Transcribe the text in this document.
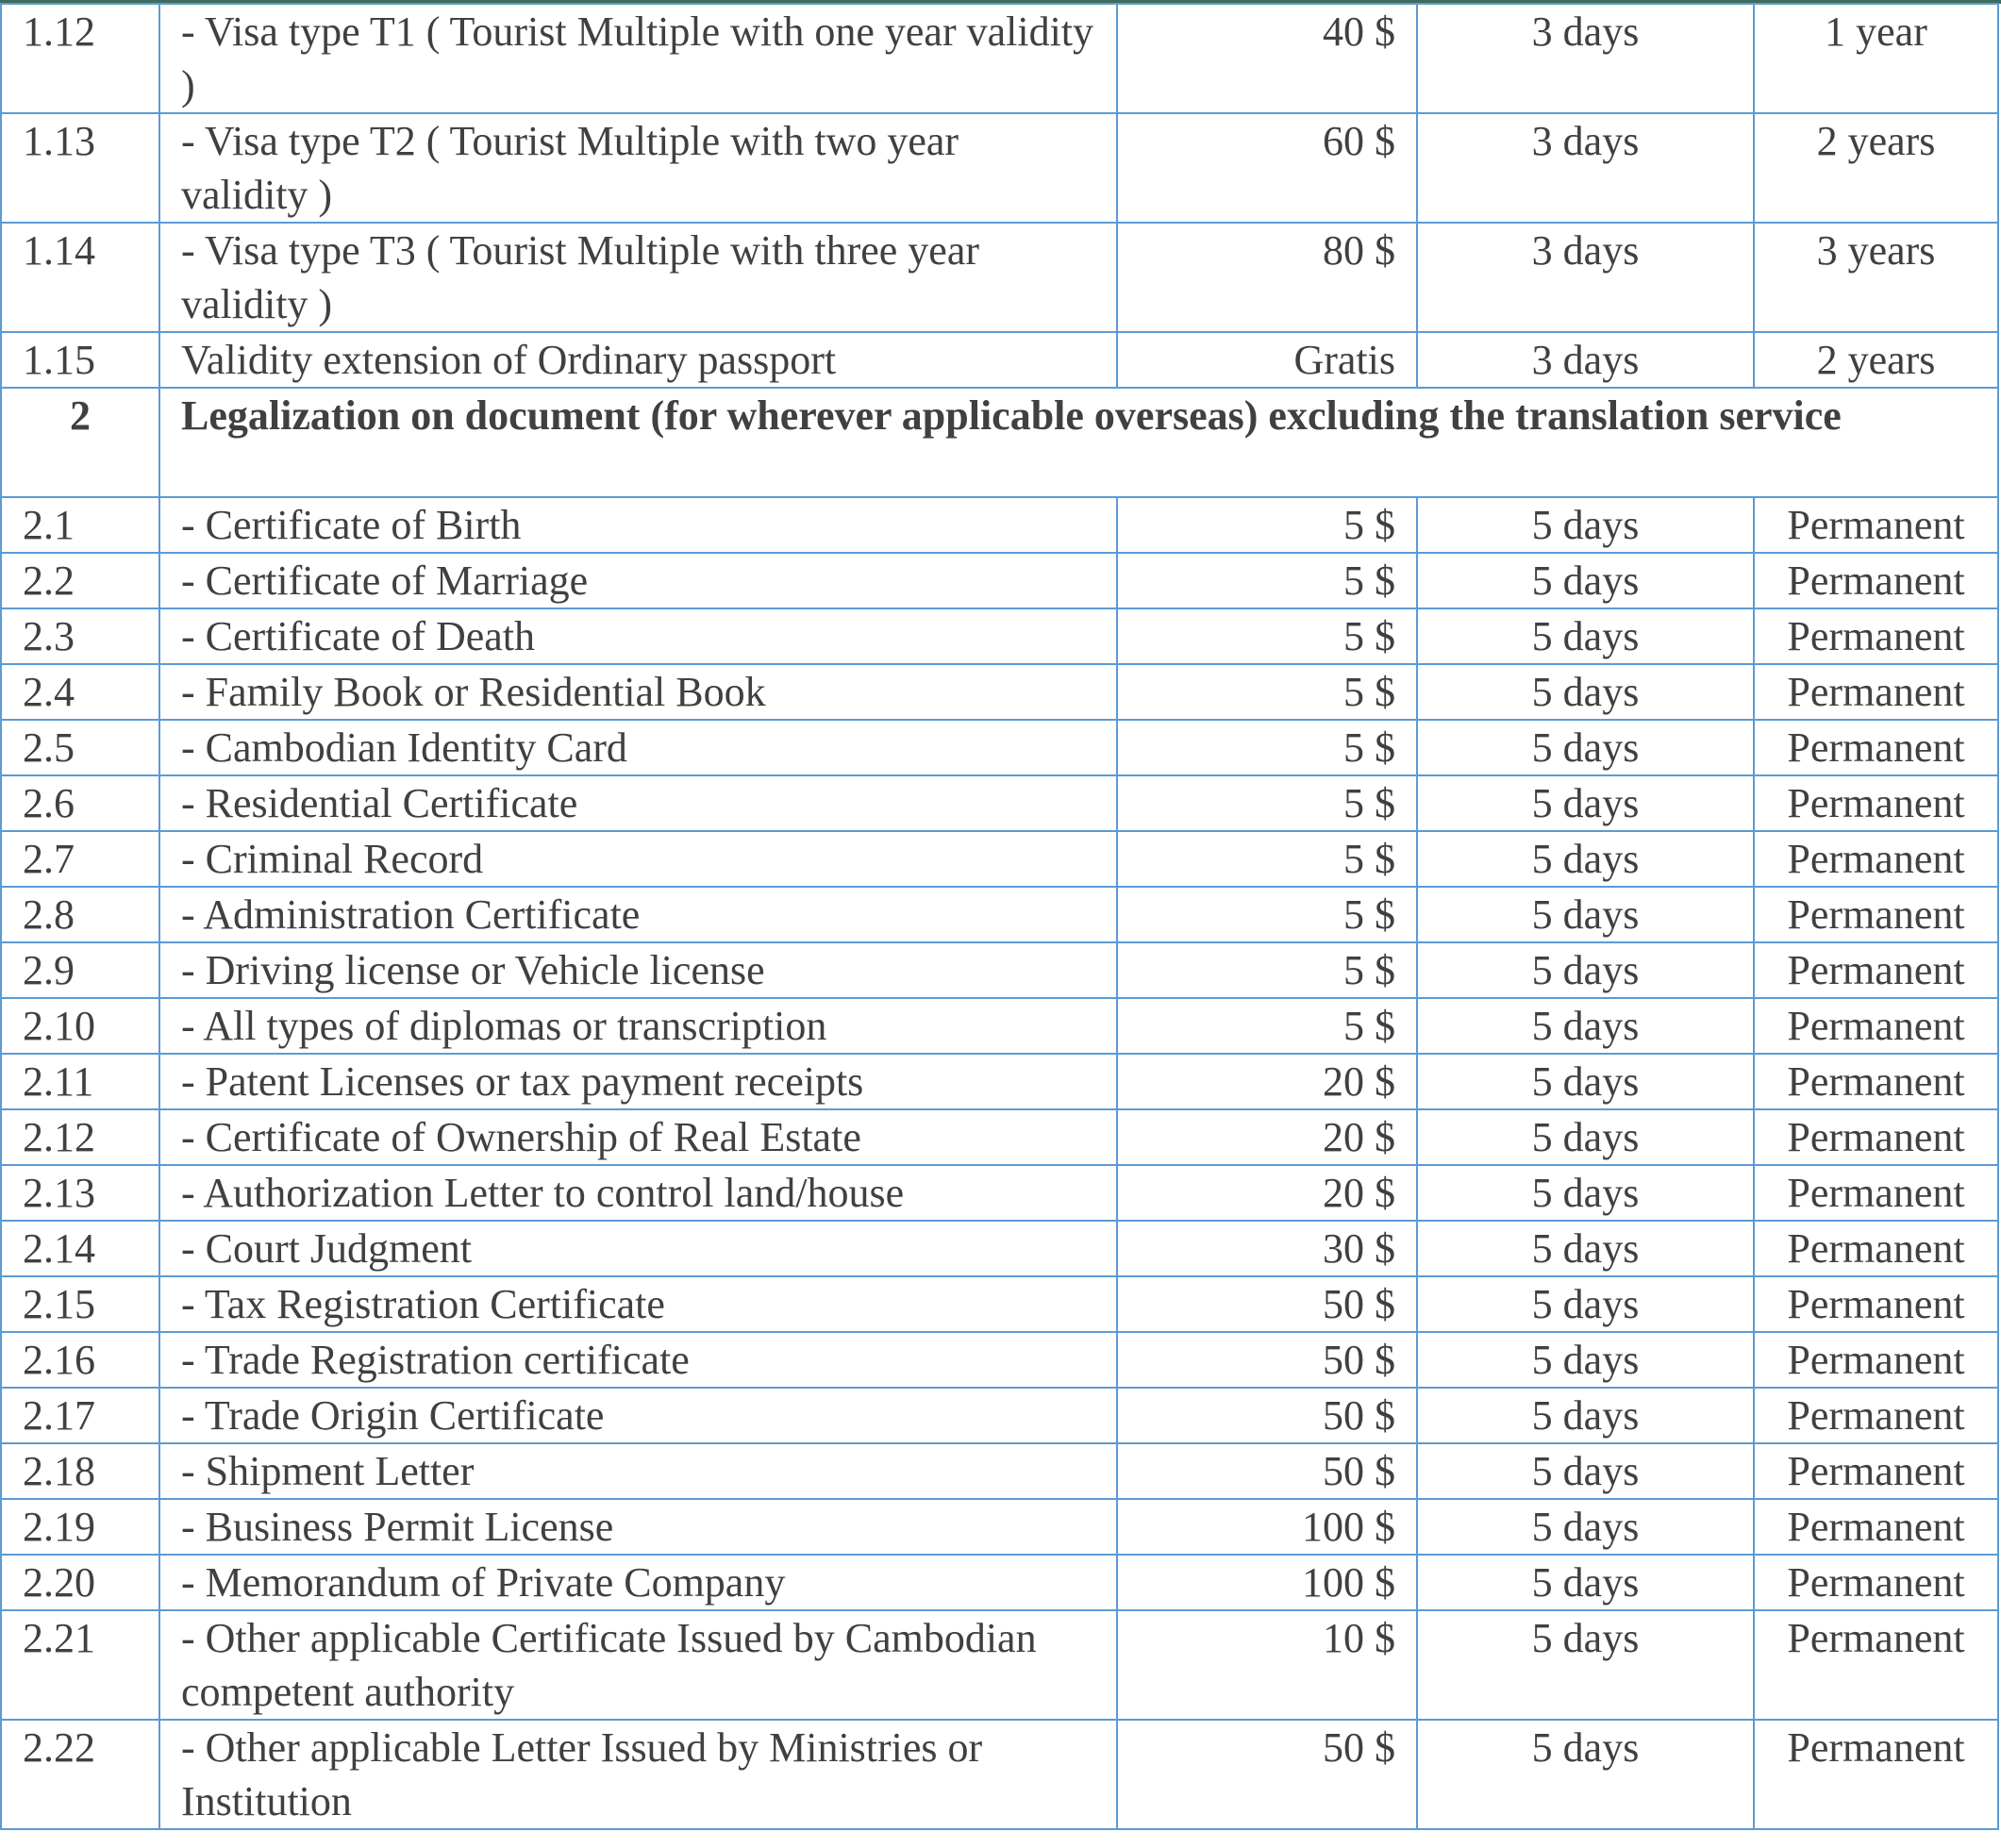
1.12	- Visa type T1 ( Tourist Multiple with one year validity )	40 $	3 days	1 year
1.13	- Visa type T2 ( Tourist Multiple with two year validity )	60 $	3 days	2 years
1.14	- Visa type T3 ( Tourist Multiple with three year validity )	80 $	3 days	3 years
1.15	Validity extension of Ordinary passport	Gratis	3 days	2 years
2	Legalization on document (for wherever applicable overseas) excluding the translation service			
2.1	- Certificate of Birth	5 $	5 days	Permanent
2.2	- Certificate of Marriage	5 $	5 days	Permanent
2.3	- Certificate of Death	5 $	5 days	Permanent
2.4	- Family Book or Residential Book	5 $	5 days	Permanent
2.5	- Cambodian Identity Card	5 $	5 days	Permanent
2.6	- Residential Certificate	5 $	5 days	Permanent
2.7	- Criminal Record	5 $	5 days	Permanent
2.8	- Administration Certificate	5 $	5 days	Permanent
2.9	- Driving license or Vehicle license	5 $	5 days	Permanent
2.10	- All types of diplomas or transcription	5 $	5 days	Permanent
2.11	- Patent Licenses or tax payment receipts	20 $	5 days	Permanent
2.12	- Certificate of Ownership of Real Estate	20 $	5 days	Permanent
2.13	- Authorization Letter to control land/house	20 $	5 days	Permanent
2.14	- Court Judgment	30 $	5 days	Permanent
2.15	- Tax Registration Certificate	50 $	5 days	Permanent
2.16	- Trade Registration certificate	50 $	5 days	Permanent
2.17	- Trade Origin Certificate	50 $	5 days	Permanent
2.18	- Shipment Letter	50 $	5 days	Permanent
2.19	- Business Permit License	100 $	5 days	Permanent
2.20	- Memorandum of Private Company	100 $	5 days	Permanent
2.21	- Other applicable Certificate Issued by Cambodian competent authority	10 $	5 days	Permanent
2.22	- Other applicable Letter Issued by Ministries or Institution	50 $	5 days	Permanent
